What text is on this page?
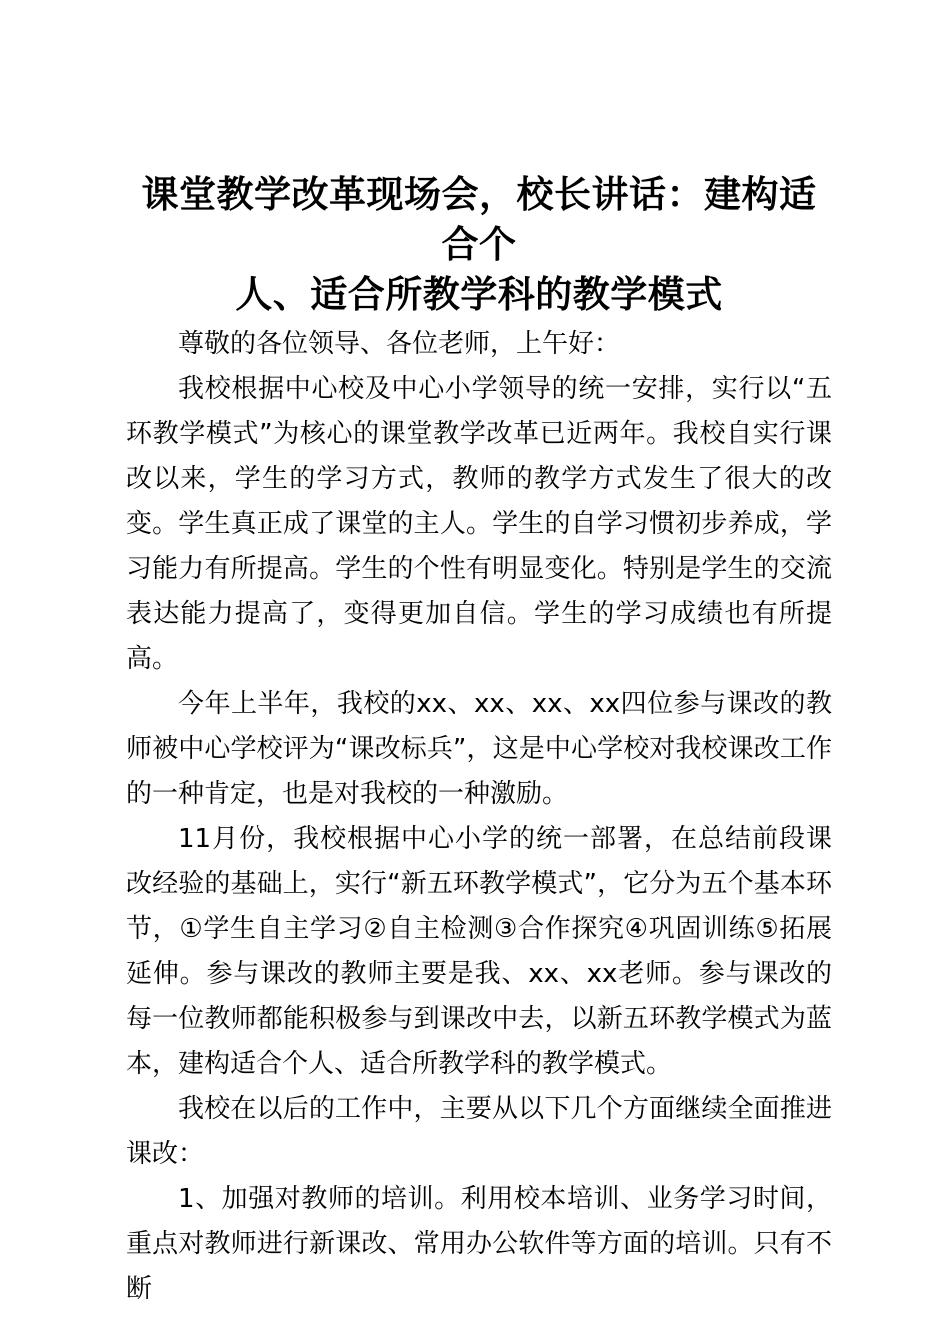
课堂教学改革现场会，校长讲话：建构适合个
人、适合所教学科的教学模式

尊敬的各位领导、各位老师，上午好：

我校根据中心校及中心小学领导的统一安排，实行以“五环教学模式”为核心的课堂教学改革已近两年。我校自实行课改以来，学生的学习方式，教师的教学方式发生了很大的改变。学生真正成了课堂的主人。学生的自学习惯初步养成，学习能力有所提高。学生的个性有明显变化。特别是学生的交流表达能力提高了，变得更加自信。学生的学习成绩也有所提高。

今年上半年，我校的xx、xx、xx、xx四位参与课改的教师被中心学校评为“课改标兵”，这是中心学校对我校课改工作的一种肯定，也是对我校的一种激励。

11月份，我校根据中心小学的统一部署，在总结前段课改经验的基础上，实行“新五环教学模式”，它分为五个基本环节，①学生自主学习②自主检测③合作探究④巩固训练⑤拓展延伸。参与课改的教师主要是我、xx、xx老师。参与课改的每一位教师都能积极参与到课改中去，以新五环教学模式为蓝本，建构适合个人、适合所教学科的教学模式。

我校在以后的工作中，主要从以下几个方面继续全面推进课改：

1、加强对教师的培训。利用校本培训、业务学习时间，重点对教师进行新课改、常用办公软件等方面的培训。只有不断
